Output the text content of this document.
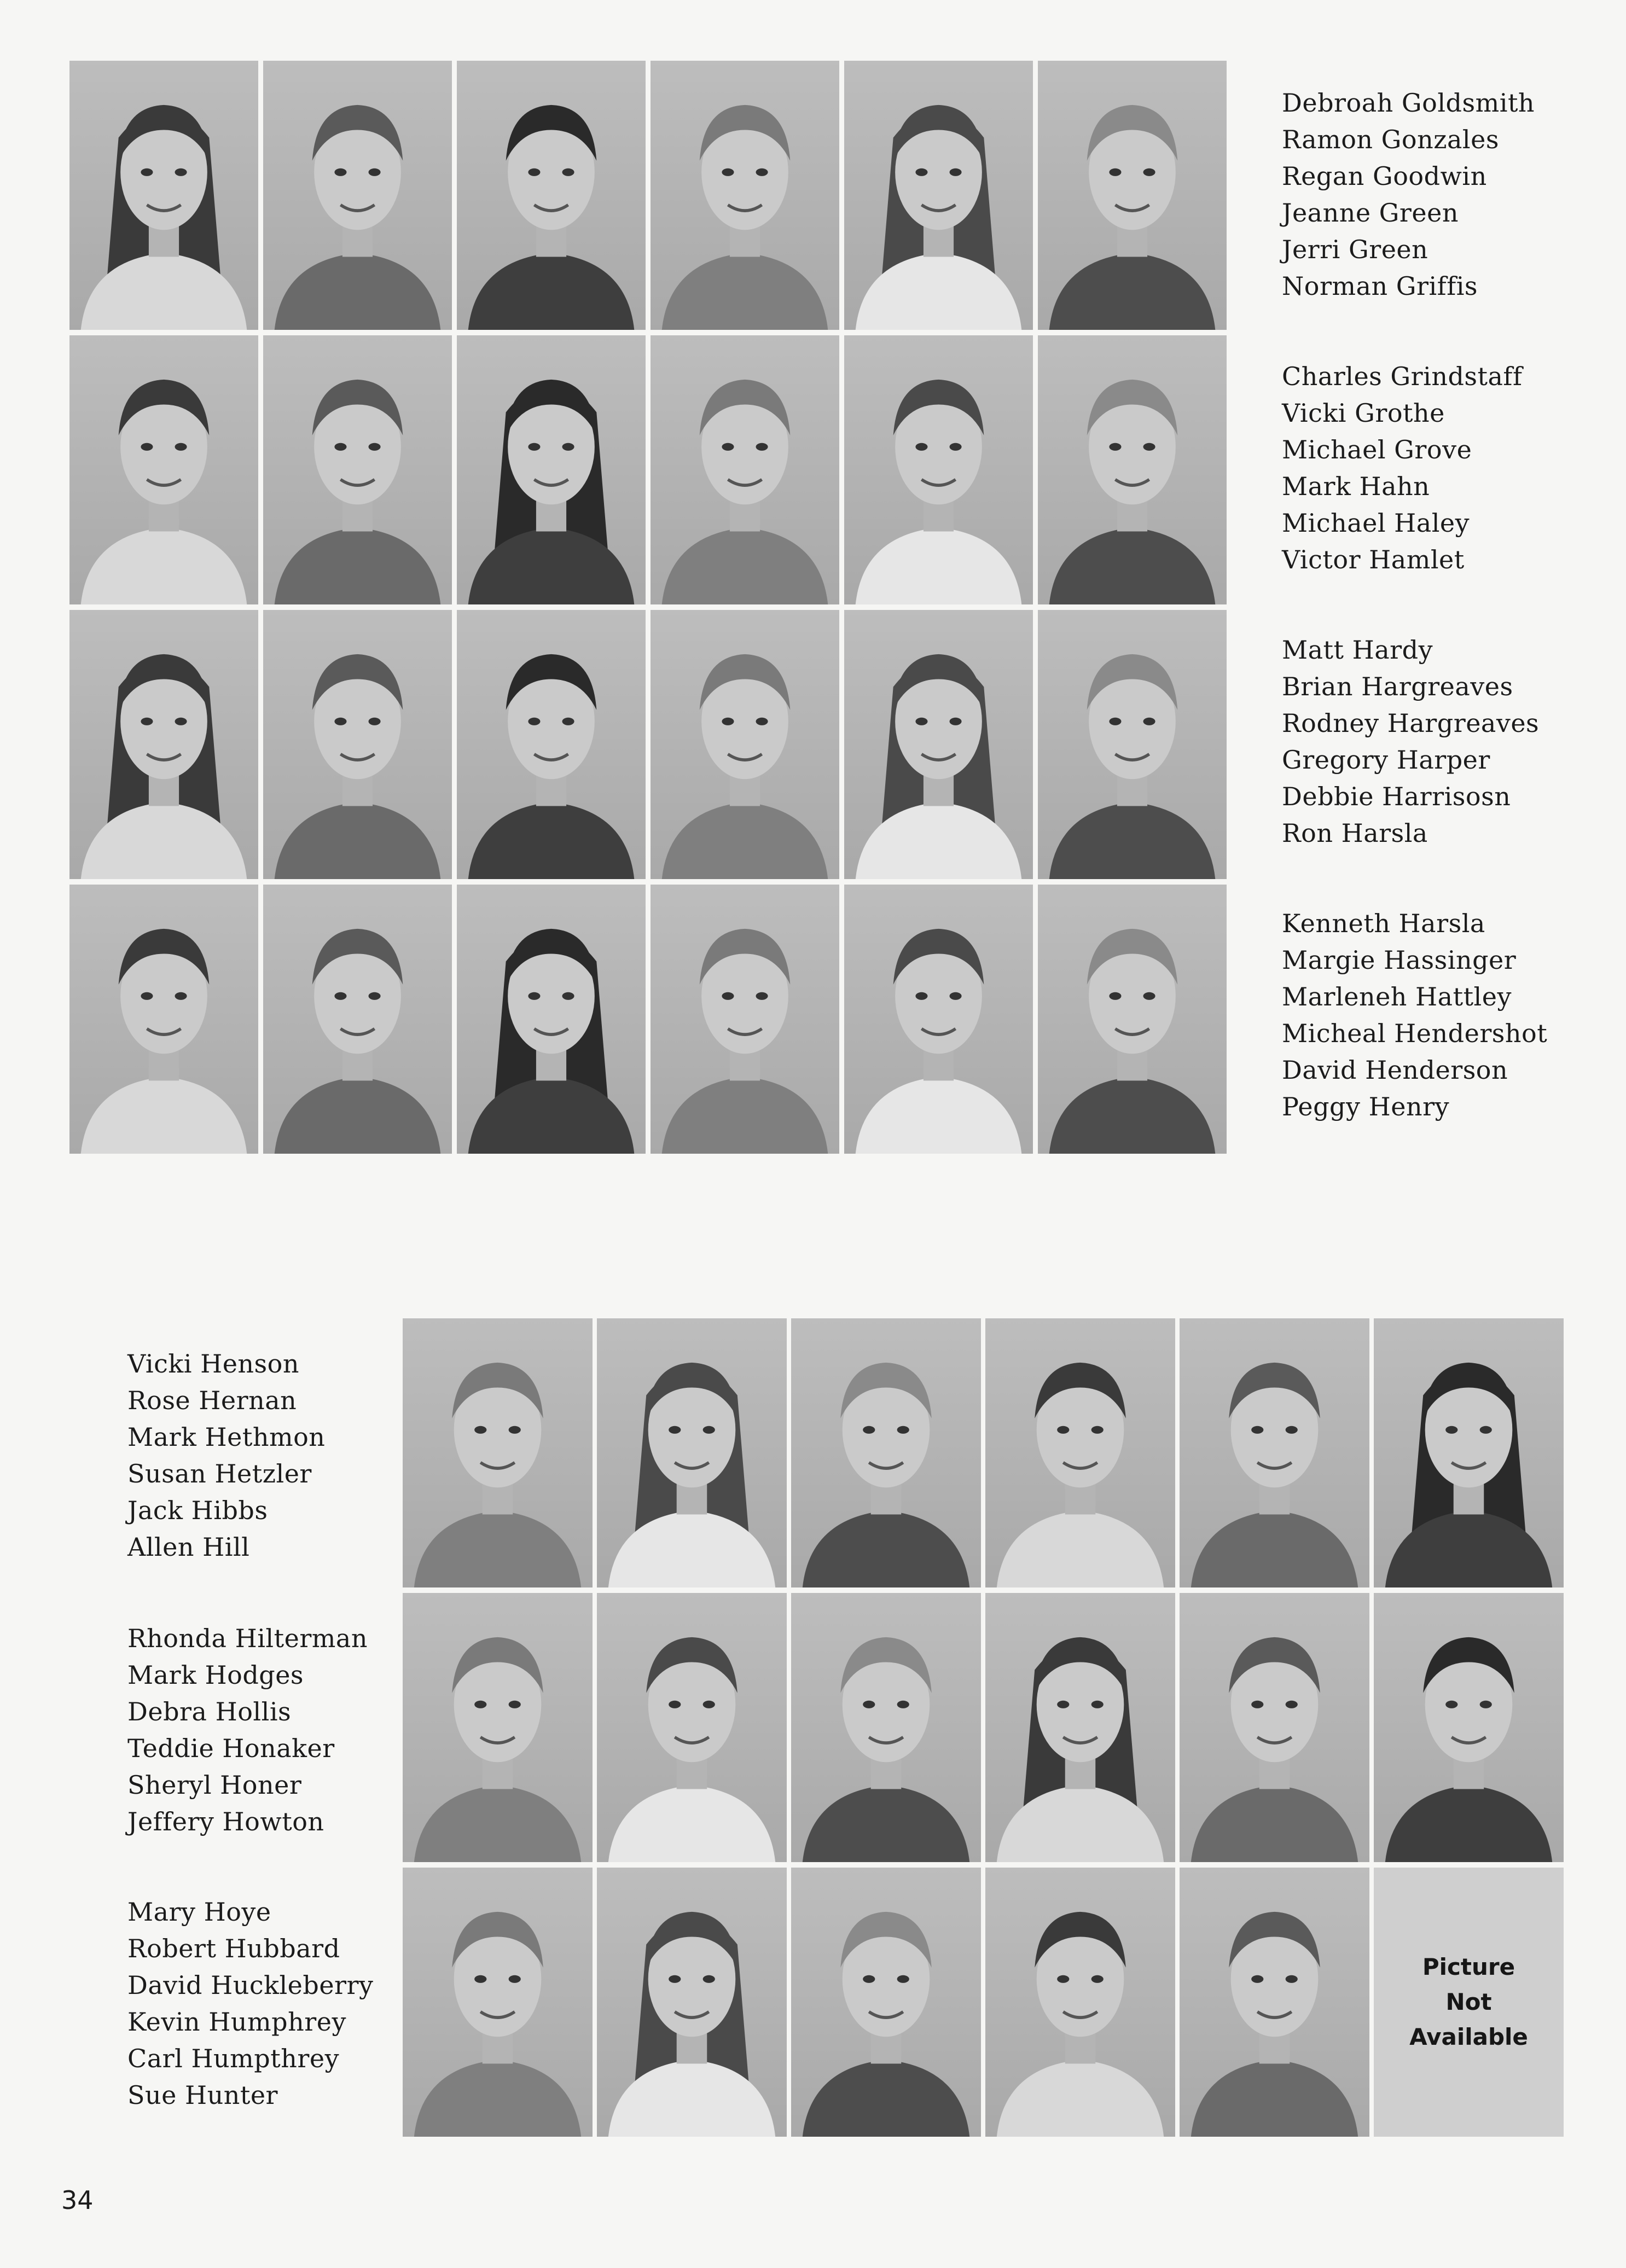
Debroah Goldsmith
Ramon Gonzales
Regan Goodwin
Jeanne Green
Jerri Green
Norman Griffis
Charles Grindstaff
Vicki Grothe
Michael Grove
Mark Hahn
Michael Haley
Victor Hamlet
Matt Hardy
Brian Hargreaves
Rodney Hargreaves
Gregory Harper
Debbie Harrisosn
Ron Harsla
Kenneth Harsla
Margie Hassinger
Marleneh Hattley
Micheal Hendershot
David Henderson
Peggy Henry
Vicki Henson
Rose Hernan
Mark Hethmon
Susan Hetzler
Jack Hibbs
Allen Hill
Rhonda Hilterman
Mark Hodges
Debra Hollis
Teddie Honaker
Sheryl Honer
Jeffery Howton
Mary Hoye
Robert Hubbard
David Huckleberry
Kevin Humphrey
Carl Humpthrey
Sue Hunter
Picture
Not
Available
34
